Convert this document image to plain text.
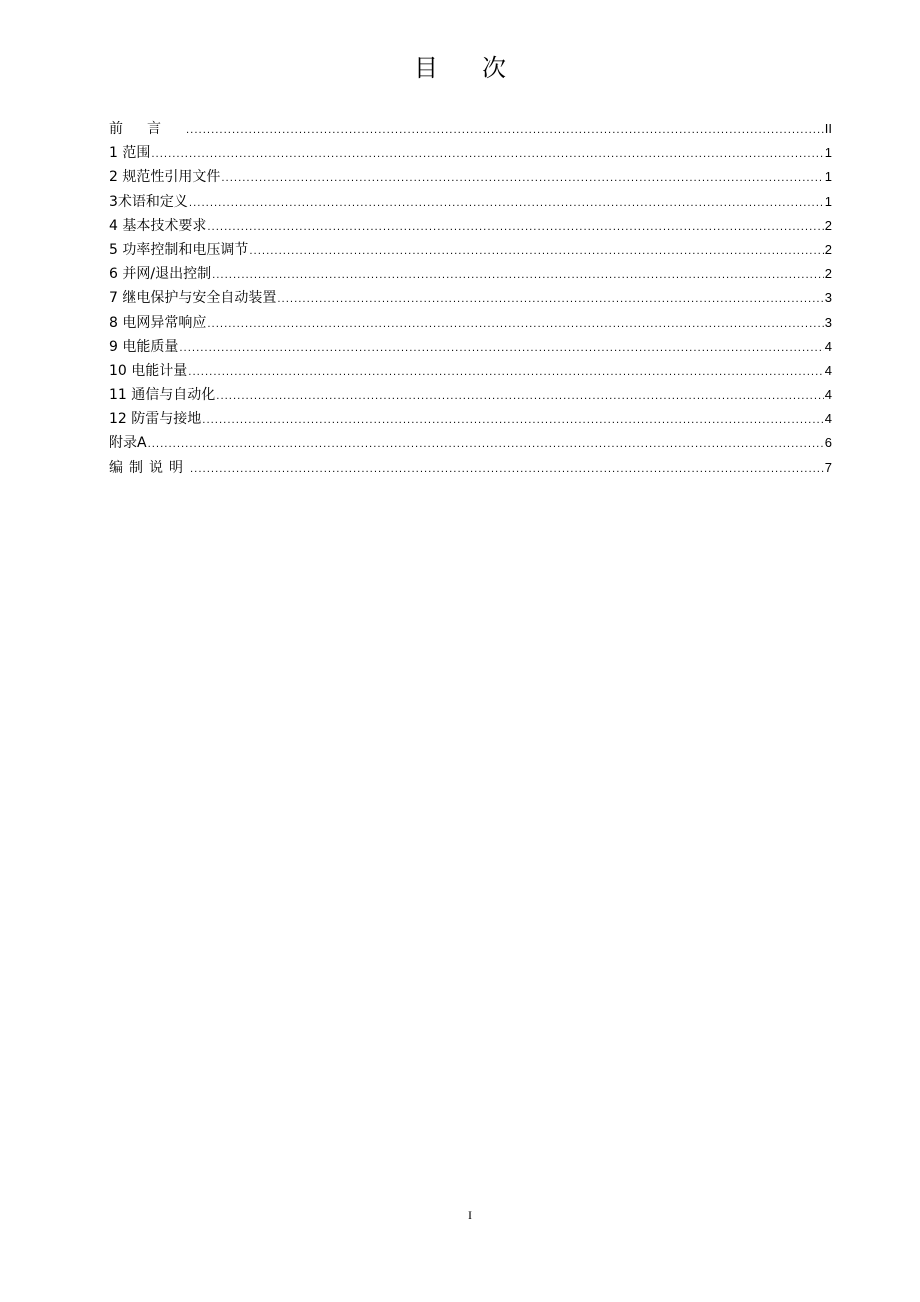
目次
前言 .....	II
1 范围 .....	1
2 规范性引用文件 .....	1
3术语和定义 .....	1
4 基本技术要求 .....	2
5 功率控制和电压调节 .....	2
6 并网/退出控制 .....	2
7 继电保护与安全自动装置 .....	3
8 电网异常响应 .....	3
9 电能质量 .....	4
10 电能计量 .....	4
11 通信与自动化 .....	4
12 防雷与接地 .....	4
附录A .....	6
编制说明 .....	7
I
